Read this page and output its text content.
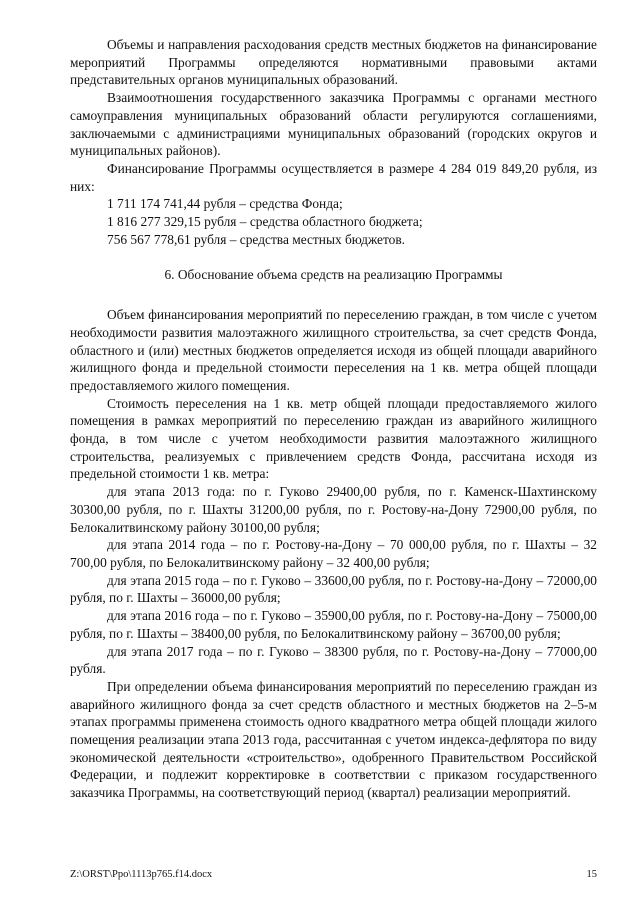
Объемы и направления расходования средств местных бюджетов на финансирование мероприятий Программы определяются нормативными правовыми актами представительных органов муниципальных образований.

Взаимоотношения государственного заказчика Программы с органами местного самоуправления муниципальных образований области регулируются соглашениями, заключаемыми с администрациями муниципальных образований (городских округов и муниципальных районов).

Финансирование Программы осуществляется в размере 4 284 019 849,20 рубля, из них:

1 711 174 741,44 рубля – средства Фонда;

1 816 277 329,15 рубля – средства областного бюджета;

756 567 778,61 рубля – средства местных бюджетов.

6. Обоснование объема средств на реализацию Программы

Объем финансирования мероприятий по переселению граждан, в том числе с учетом необходимости развития малоэтажного жилищного строительства, за счет средств Фонда, областного и (или) местных бюджетов определяется исходя из общей площади аварийного жилищного фонда и предельной стоимости переселения на 1 кв. метра общей площади предоставляемого жилого помещения.

Стоимость переселения на 1 кв. метр общей площади предоставляемого жилого помещения в рамках мероприятий по переселению граждан из аварийного жилищного фонда, в том числе с учетом необходимости развития малоэтажного жилищного строительства, реализуемых с привлечением средств Фонда, рассчитана исходя из предельной стоимости 1 кв. метра:

для этапа 2013 года: по г. Гуково 29400,00 рубля, по г. Каменск-Шахтинскому 30300,00 рубля, по г. Шахты 31200,00 рубля, по г. Ростову-на-Дону 72900,00 рубля, по Белокалитвинскому району 30100,00 рубля;

для этапа 2014 года – по г. Ростову-на-Дону – 70 000,00 рубля, по г. Шахты – 32 700,00 рубля, по Белокалитвинскому району – 32 400,00 рубля;

для этапа 2015 года – по г. Гуково – 33600,00 рубля, по г. Ростову-на-Дону – 72000,00 рубля, по г. Шахты – 36000,00 рубля;

для этапа 2016 года – по г. Гуково – 35900,00 рубля, по г. Ростову-на-Дону – 75000,00 рубля, по г. Шахты – 38400,00 рубля, по Белокалитвинскому району – 36700,00 рубля;

для этапа 2017 года – по г. Гуково – 38300 рубля, по г. Ростову-на-Дону – 77000,00 рубля.

При определении объема финансирования мероприятий по переселению граждан из аварийного жилищного фонда за счет средств областного и местных бюджетов на 2–5-м этапах программы применена стоимость одного квадратного метра общей площади жилого помещения реализации этапа 2013 года, рассчитанная с учетом индекса-дефлятора по виду экономической деятельности «строительство», одобренного Правительством Российской Федерации, и подлежит корректировке в соответствии с приказом государственного заказчика Программы, на соответствующий период (квартал) реализации мероприятий.

Z:\ORST\Ppo\1113p765.f14.docx	15
